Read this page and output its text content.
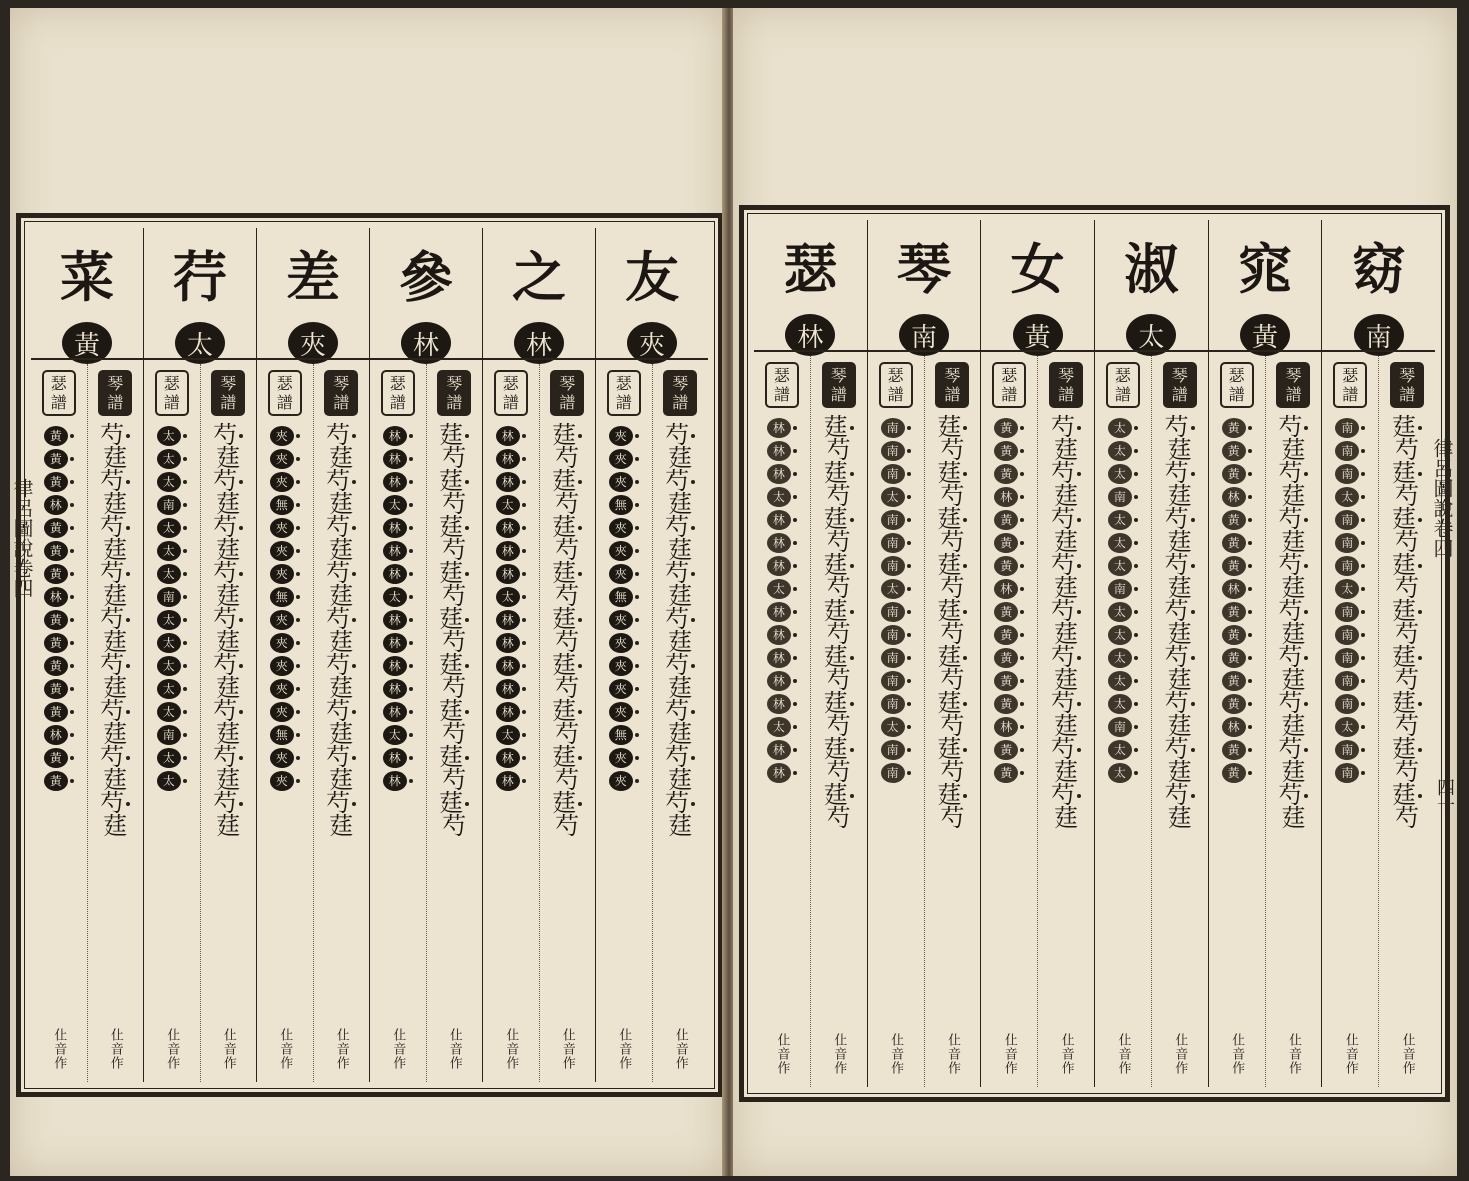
菜
黃
瑟譜
黃
黃
黃
林
黃
黃
黃
林
黃
黃
黃
黃
黃
林
黃
黃
仩音作
琴譜
芍
莛
芍
莛
芍
莛
芍
莛
芍
莛
芍
莛
芍
莛
芍
莛
芍
莛
仩音作
荇
太
瑟譜
太
太
太
南
太
太
太
南
太
太
太
太
太
南
太
太
仩音作
琴譜
芍
莛
芍
莛
芍
莛
芍
莛
芍
莛
芍
莛
芍
莛
芍
莛
芍
莛
仩音作
差
夾
瑟譜
夾
夾
夾
無
夾
夾
夾
無
夾
夾
夾
夾
夾
無
夾
夾
仩音作
琴譜
芍
莛
芍
莛
芍
莛
芍
莛
芍
莛
芍
莛
芍
莛
芍
莛
芍
莛
仩音作
參
林
瑟譜
林
林
林
太
林
林
林
太
林
林
林
林
林
太
林
林
仩音作
琴譜
莛
芍
莛
芍
莛
芍
莛
芍
莛
芍
莛
芍
莛
芍
莛
芍
莛
芍
仩音作
之
林
瑟譜
林
林
林
太
林
林
林
太
林
林
林
林
林
太
林
林
仩音作
琴譜
莛
芍
莛
芍
莛
芍
莛
芍
莛
芍
莛
芍
莛
芍
莛
芍
莛
芍
仩音作
友
夾
瑟譜
夾
夾
夾
無
夾
夾
夾
無
夾
夾
夾
夾
夾
無
夾
夾
仩音作
琴譜
芍
莛
芍
莛
芍
莛
芍
莛
芍
莛
芍
莛
芍
莛
芍
莛
芍
莛
仩音作
律呂圖說卷四
瑟
林
瑟譜
林
林
林
太
林
林
林
太
林
林
林
林
林
太
林
林
仩音作
琴譜
莛
芍
莛
芍
莛
芍
莛
芍
莛
芍
莛
芍
莛
芍
莛
芍
莛
芍
仩音作
琴
南
瑟譜
南
南
南
太
南
南
南
太
南
南
南
南
南
太
南
南
仩音作
琴譜
莛
芍
莛
芍
莛
芍
莛
芍
莛
芍
莛
芍
莛
芍
莛
芍
莛
芍
仩音作
女
黃
瑟譜
黃
黃
黃
林
黃
黃
黃
林
黃
黃
黃
黃
黃
林
黃
黃
仩音作
琴譜
芍
莛
芍
莛
芍
莛
芍
莛
芍
莛
芍
莛
芍
莛
芍
莛
芍
莛
仩音作
淑
太
瑟譜
太
太
太
南
太
太
太
南
太
太
太
太
太
南
太
太
仩音作
琴譜
芍
莛
芍
莛
芍
莛
芍
莛
芍
莛
芍
莛
芍
莛
芍
莛
芍
莛
仩音作
窕
黃
瑟譜
黃
黃
黃
林
黃
黃
黃
林
黃
黃
黃
黃
黃
林
黃
黃
仩音作
琴譜
芍
莛
芍
莛
芍
莛
芍
莛
芍
莛
芍
莛
芍
莛
芍
莛
芍
莛
仩音作
窈
南
瑟譜
南
南
南
太
南
南
南
太
南
南
南
南
南
太
南
南
仩音作
琴譜
莛
芍
莛
芍
莛
芍
莛
芍
莛
芍
莛
芍
莛
芍
莛
芍
莛
芍
仩音作
律呂圖說卷四
四十
